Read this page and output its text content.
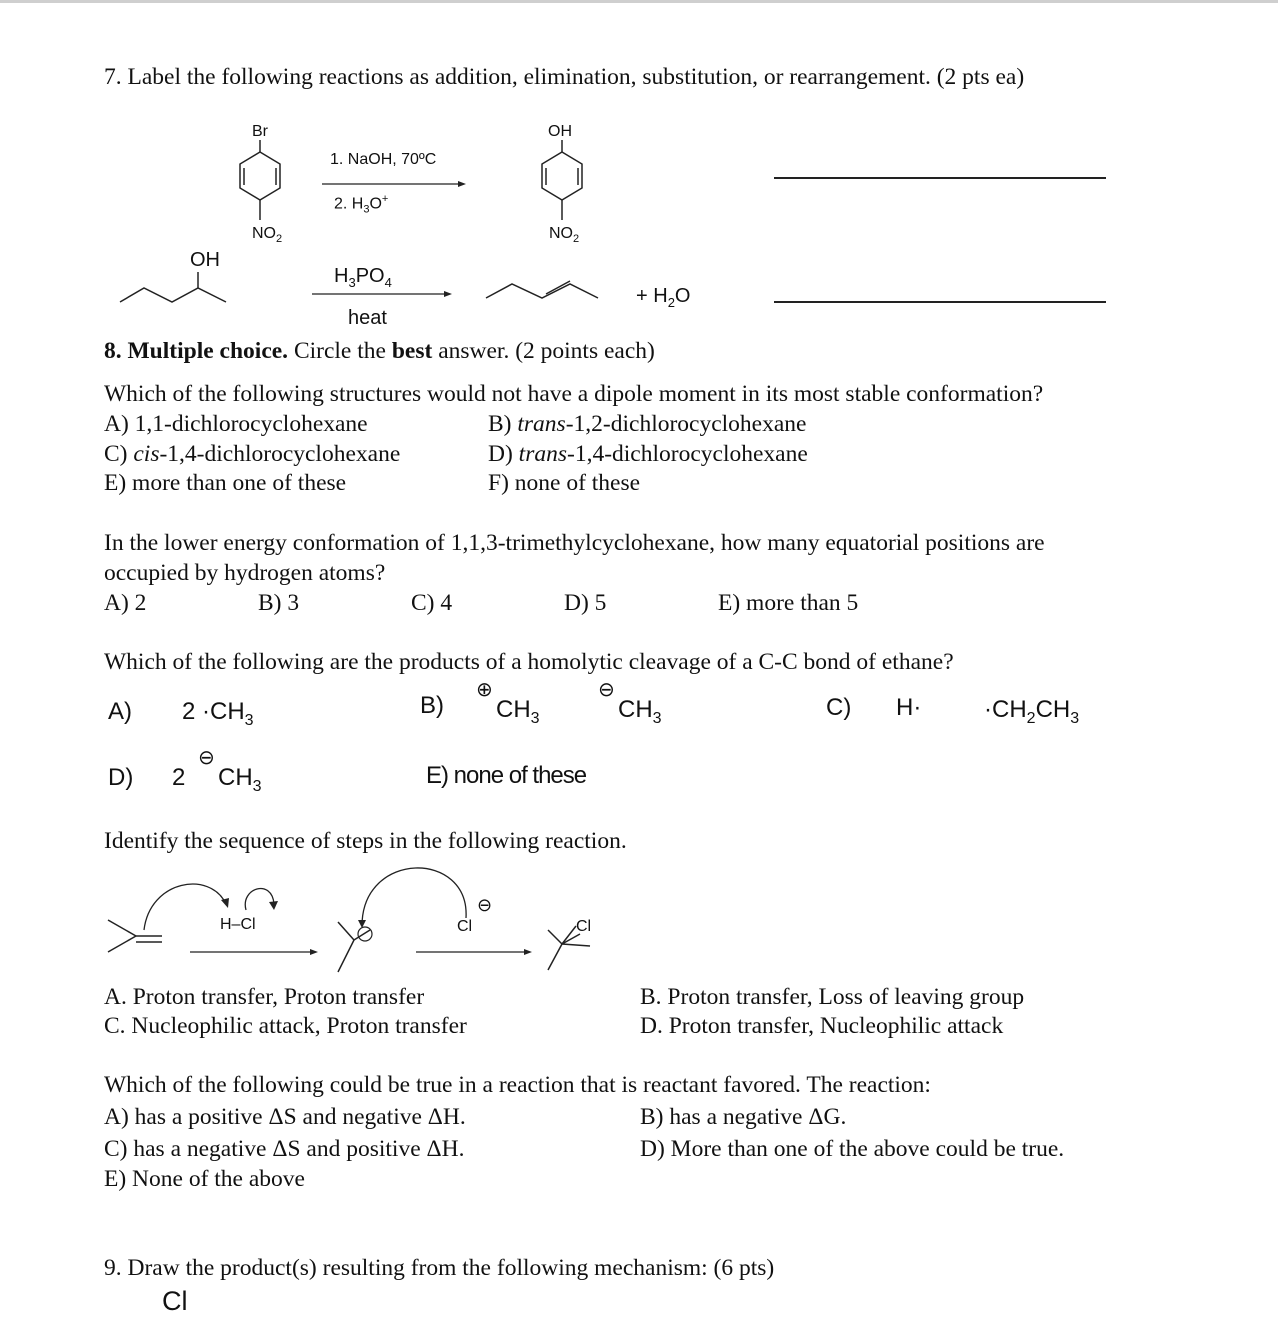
7. Label the following reactions as addition, elimination, substitution, or rearrangement. (2 pts ea)
Br
$NO_2$
1. NaOH, 70ºC
2. $H_3O^+$
OH
$NO_2$
OH
$H_3PO_4$
heat
+ $H_2O$
8. Multiple choice. Circle the best answer. (2 points each)
Which of the following structures would not have a dipole moment in its most stable conformation?
A) 1,1-dichlorocyclohexane	B) trans-1,2-dichlorocyclohexane
C) cis-1,4-dichlorocyclohexane	D) trans-1,4-dichlorocyclohexane
E) more than one of these	F) none of these
In the lower energy conformation of 1,1,3-trimethylcyclohexane, how many equatorial positions are
occupied by hydrogen atoms?
A) 2	B) 3	C) 4	D) 5	E) more than 5
Which of the following are the products of a homolytic cleavage of a C-C bond of ethane?
A) $2 \cdot CH_3$
B)
⊕
$CH_3$
⊖
$CH_3$	C) H·	$\cdot CH_2CH_3$
D) 2
⊖
$CH_3$	E) none of these
Identify the sequence of steps in the following reaction.
H–Cl	Cl
⊖
Cl
A. Proton transfer, Proton transfer	B. Proton transfer, Loss of leaving group
C. Nucleophilic attack, Proton transfer	D. Proton transfer, Nucleophilic attack
Which of the following could be true in a reaction that is reactant favored. The reaction:
A) has a positive ΔS and negative ΔH.	B) has a negative ΔG.
C) has a negative ΔS and positive ΔH.	D) More than one of the above could be true.
E) None of the above
9. Draw the product(s) resulting from the following mechanism: (6 pts)
Cl
